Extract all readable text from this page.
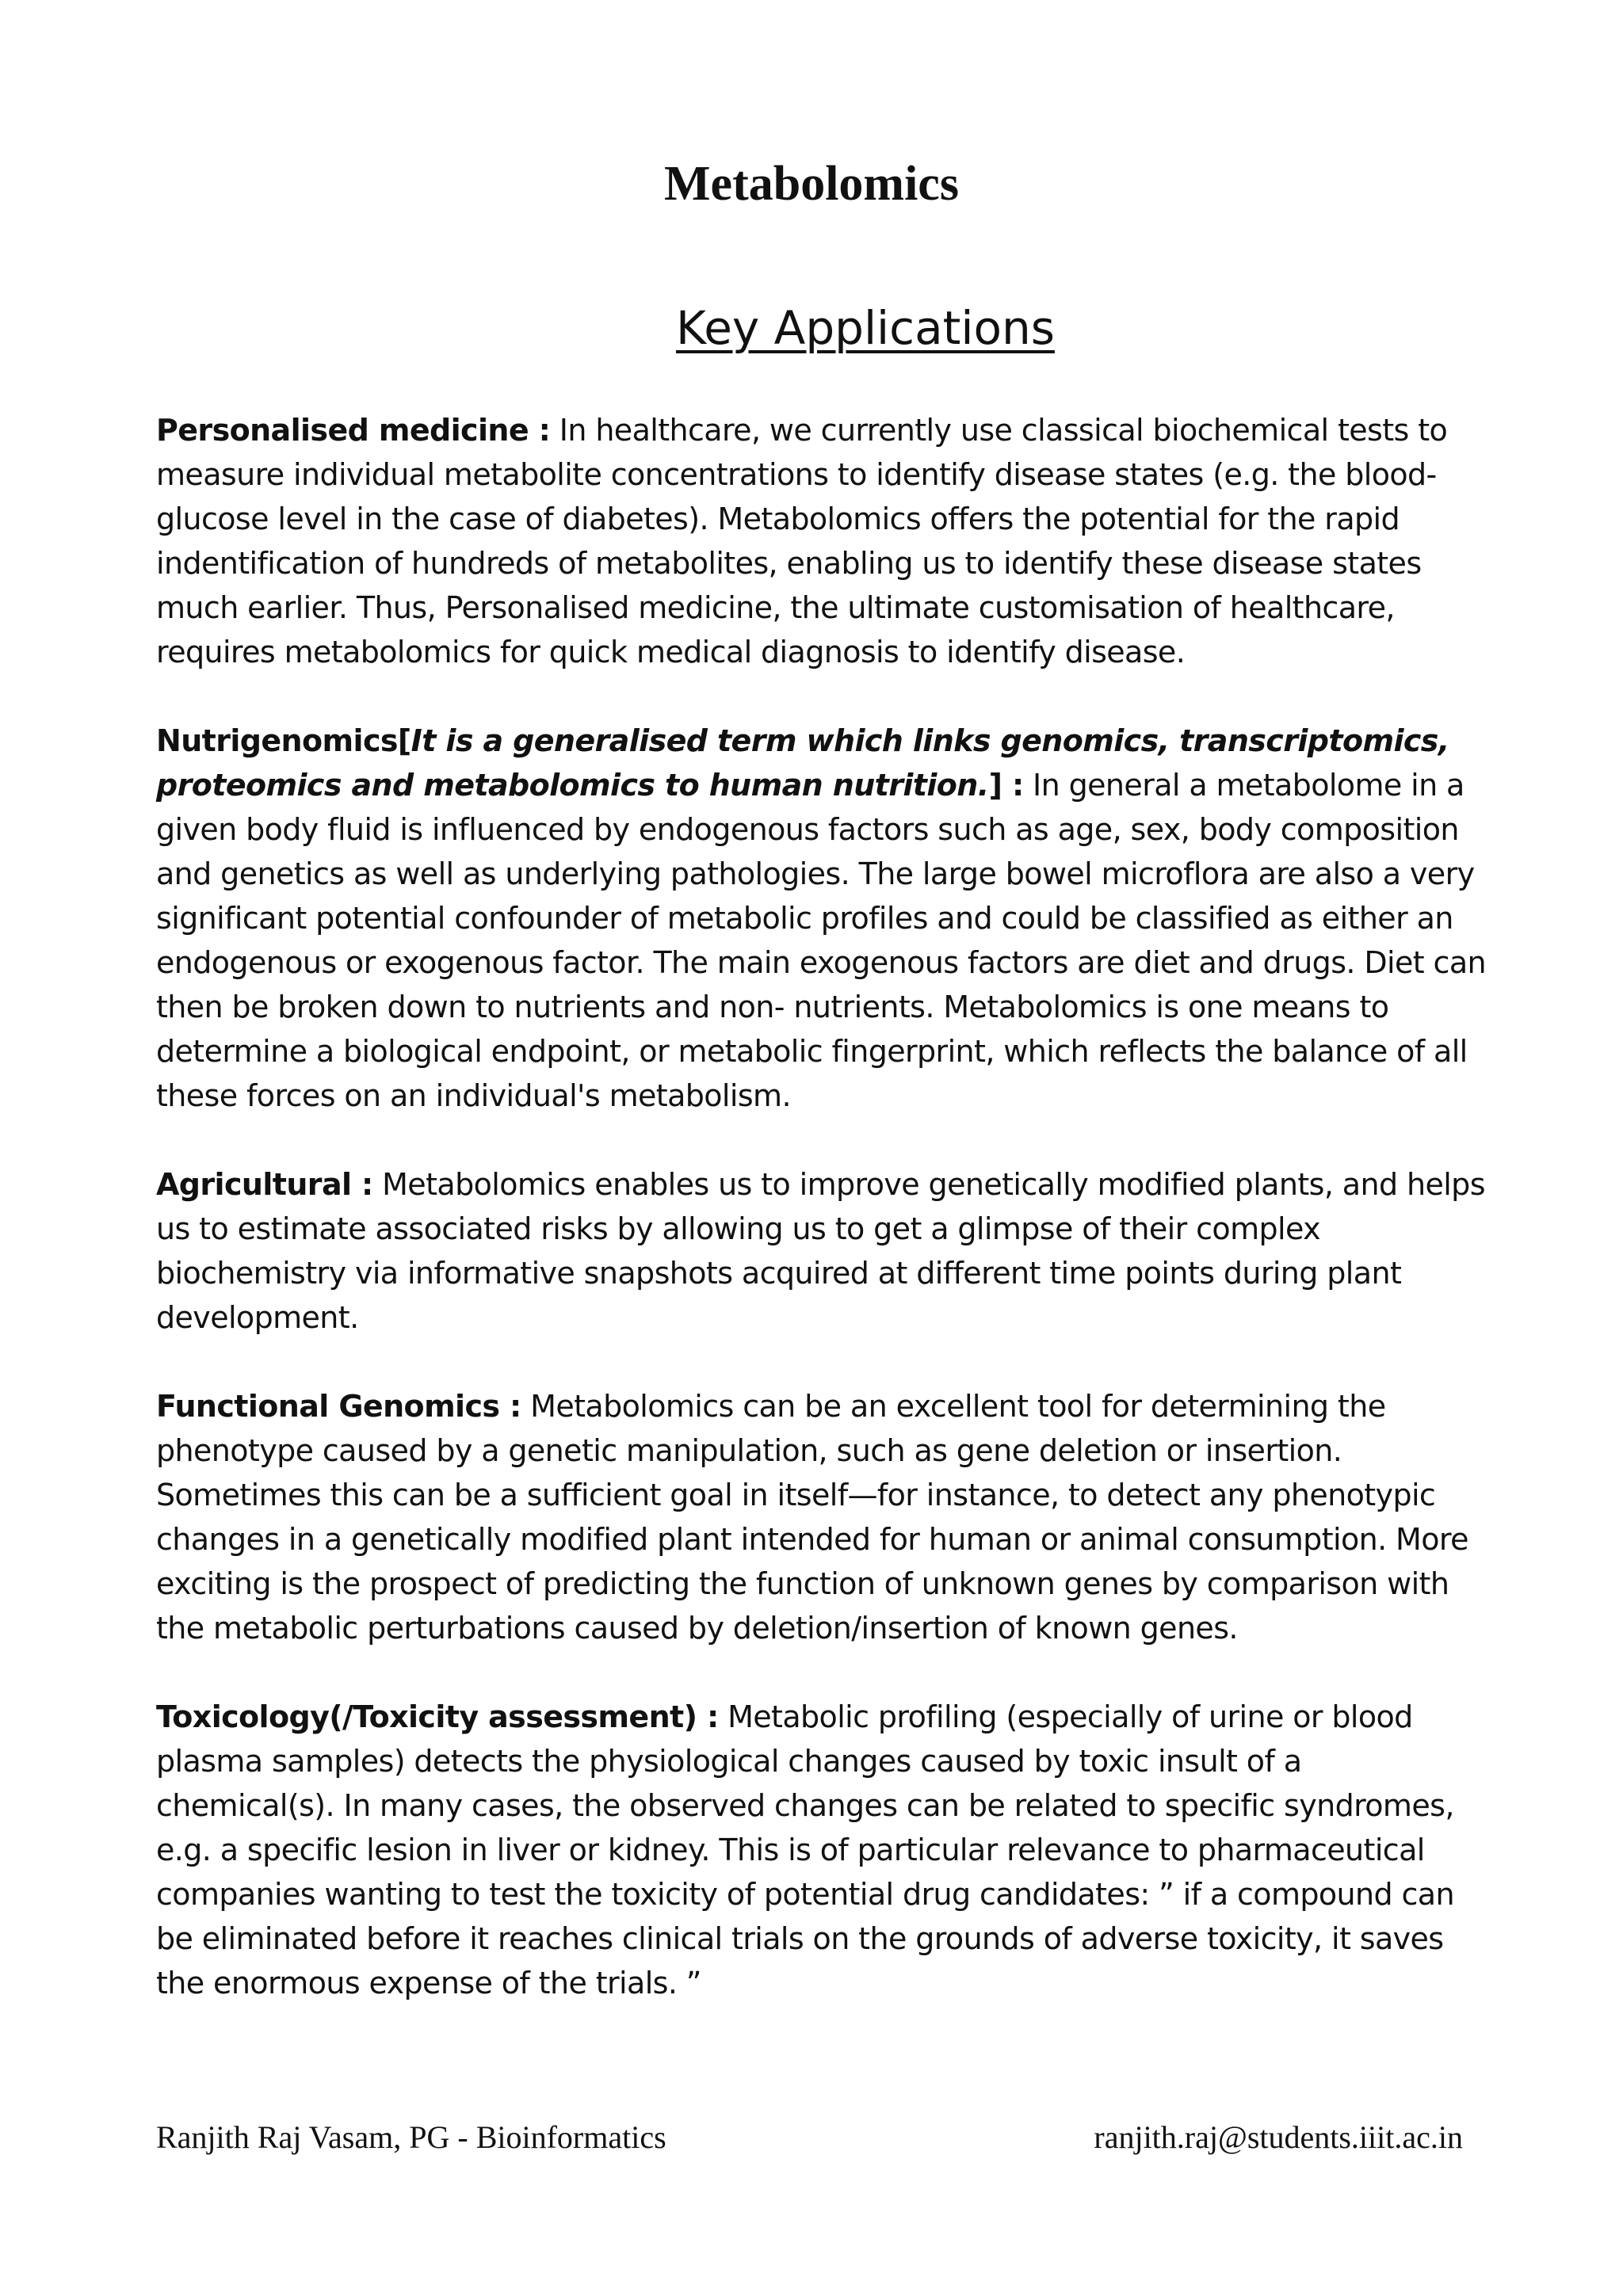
Metabolomics
Key Applications

Personalised medicine : In healthcare, we currently use classical biochemical tests to measure individual metabolite concentrations to identify disease states (e.g. the blood-glucose level in the case of diabetes). Metabolomics offers the potential for the rapid indentification of hundreds of metabolites, enabling us to identify these disease states much earlier. Thus, Personalised medicine, the ultimate customisation of healthcare, requires metabolomics for quick medical diagnosis to identify disease.

Nutrigenomics[It is a generalised term which links genomics, transcriptomics, proteomics and metabolomics to human nutrition.] : In general a metabolome in a given body fluid is influenced by endogenous factors such as age, sex, body composition and genetics as well as underlying pathologies. The large bowel microflora are also a very significant potential confounder of metabolic profiles and could be classified as either an endogenous or exogenous factor. The main exogenous factors are diet and drugs. Diet can then be broken down to nutrients and non- nutrients. Metabolomics is one means to determine a biological endpoint, or metabolic fingerprint, which reflects the balance of all these forces on an individual's metabolism.

Agricultural : Metabolomics enables us to improve genetically modified plants, and helps us to estimate associated risks by allowing us to get a glimpse of their complex biochemistry via informative snapshots acquired at different time points during plant development.

Functional Genomics : Metabolomics can be an excellent tool for determining the phenotype caused by a genetic manipulation, such as gene deletion or insertion. Sometimes this can be a sufficient goal in itself—for instance, to detect any phenotypic changes in a genetically modified plant intended for human or animal consumption. More exciting is the prospect of predicting the function of unknown genes by comparison with the metabolic perturbations caused by deletion/insertion of known genes.

Toxicology(/Toxicity assessment) : Metabolic profiling (especially of urine or blood plasma samples) detects the physiological changes caused by toxic insult of a chemical(s). In many cases, the observed changes can be related to specific syndromes, e.g. a specific lesion in liver or kidney. This is of particular relevance to pharmaceutical companies wanting to test the toxicity of potential drug candidates: ” if a compound can be eliminated before it reaches clinical trials on the grounds of adverse toxicity, it saves the enormous expense of the trials. ”

Ranjith Raj Vasam, PG - Bioinformatics	ranjith.raj@students.iiit.ac.in
